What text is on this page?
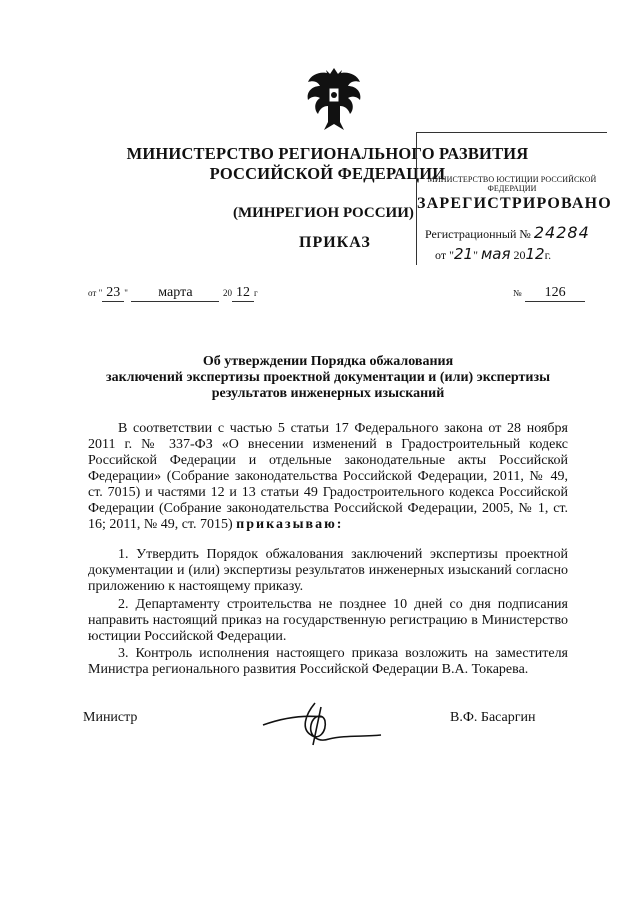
МИНИСТЕРСТВО РЕГИОНАЛЬНОГО РАЗВИТИЯ
РОССИЙСКОЙ ФЕДЕРАЦИИ
(МИНРЕГИОН РОССИИ)
ПРИКАЗ
МИНИСТЕРСТВО ЮСТИЦИИ РОССИЙСКОЙ ФЕДЕРАЦИИ
ЗАРЕГИСТРИРОВАНО
Регистрационный № 24284
от "21" мая 2012г.
от " 23 " марта	20 12 г	№ 126
Об утверждении Порядка обжалования
заключений экспертизы проектной документации и (или) экспертизы
результатов инженерных изысканий
В соответствии с частью 5 статьи 17 Федерального закона от 28 ноября 2011 г. № 337-ФЗ «О внесении изменений в Градостроительный кодекс Российской Федерации и отдельные законодательные акты Российской Федерации» (Собрание законодательства Российской Федерации, 2011, № 49, ст. 7015) и частями 12 и 13 статьи 49 Градостроительного кодекса Российской Федерации (Собрание законодательства Российской Федерации, 2005, № 1, ст. 16; 2011, № 49, ст. 7015) приказываю:
1. Утвердить Порядок обжалования заключений экспертизы проектной документации и (или) экспертизы результатов инженерных изысканий согласно приложению к настоящему приказу.
2. Департаменту строительства не позднее 10 дней со дня подписания направить настоящий приказ на государственную регистрацию в Министерство юстиции Российской Федерации.
3. Контроль исполнения настоящего приказа возложить на заместителя Министра регионального развития Российской Федерации В.А. Токарева.
Министр	В.Ф. Басаргин
